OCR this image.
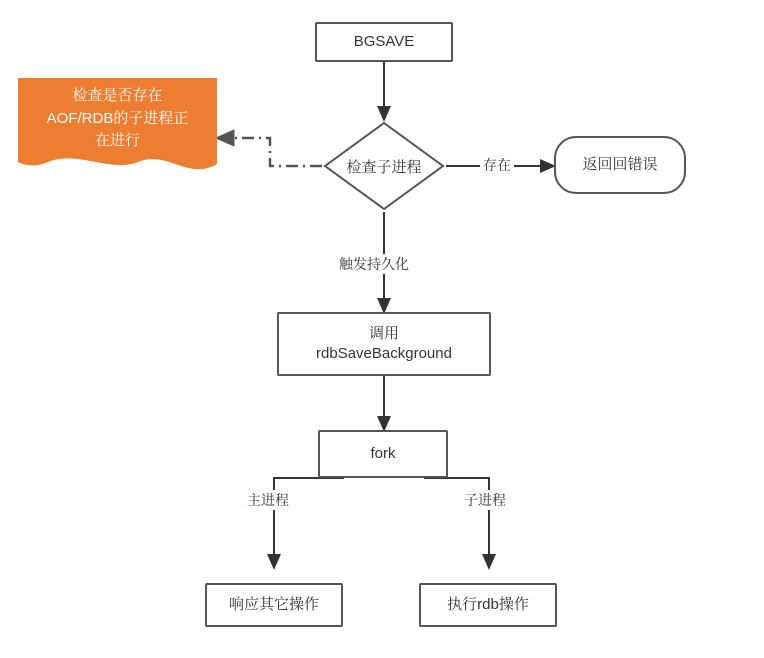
检查是否存在
AOF/RDB的子进程正
在进行
BGSAVE
检查子进程	返回回错误
调用
rdbSaveBackground
fork
响应其它操作	执行rdb操作
存在
触发持久化
主进程	子进程
